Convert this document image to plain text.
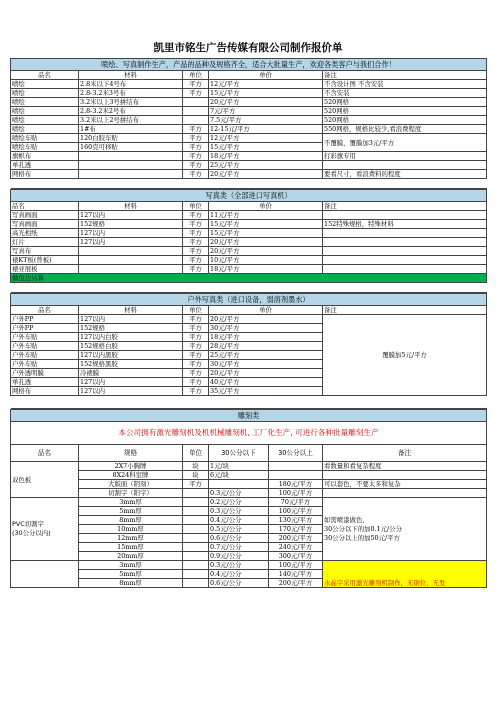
凯里市铭生广告传媒有限公司制作报价单
喷绘、写真制作生产，产品的品种及规格齐全，适合大批量生产，欢迎各类客户与我们合作！				
品名	材料	单位	单价	备注
喷绘	2.8米以下4号布	平方	12元/平方	不含设计图 不含安装
喷绘	2.8-3.2米3号布	平方	15元/平方	不含安装
喷绘	3.2米以上3号拼结布		20元/平方	520网格
喷绘	2.8-3.2米2号布		7元/平方	520网格
喷绘	3.2米以上2号拼结布		7.5元/平方	520网格
喷绘	1#布	平方	12-15元/平方	550网格，规格比较少,看浪费程度
喷绘车贴	120白胶车贴	平方	12元/平方	不覆膜，覆膜加3元/平方
喷绘车贴	160克可移贴	平方	15元/平方	
旗帜布		平方	18元/平方	打彩旗专用
单孔透		平方	25元/平方	
网格布		平方	20元/平方	要看尺寸，看浪费料的程度

写真类（全部进口写真机）				
品名	材料	单位	单价	备注
写真画面	127以内	平方	11元/平方	
写真画面	152规格	平方	15元/平方	152特殊规格，特殊材料
高光相纸	127以内	平方	15元/平方	
灯片	127以内	平方	20元/平方	
写真布		平方	20元/平方	
裱KT板(普板)		平方	10元/平方	
裱亚展板		平方	18元/平方	
做包边另算				

户外写真类（进口设备，弱溶剂墨水）				
品名	材料	单位	单价	备注
户外PP	127以内	平方	20元/平方	覆膜加5元/平方
户外PP	152规格	平方	30元/平方	
户外车贴	127以内白胶	平方	18元/平方	
户外车贴	152规格白胶	平方	28元/平方	
户外车贴	127以内黑胶	平方	25元/平方	
户外车贴	152规格黑胶	平方	30元/平方	
户外透明膜	冷裱膜	平方	20元/平方	
单孔透	127以内	平方	40元/平方	
网格布	127以内	平方	35元/平方	

雕刻类					
本公司拥有激光雕刻机及机机械雕刻机, 工厂化生产, 可进行各种批量雕刻生产					
品名	规格	单位	30公分以下	30公分以上	备注
双色板	2X7小胸牌	块	1元/块		看数量和看复杂程度
	8X24科室牌	块	6元/块		
	大版面（阴刻）	平方		180元/平方	可以套色，不要太多和复杂
	切割字（阳字）		0.3元/公分	100元/平方	
PVC切割字
(30公分以内)	3mm厚		0.2元/公分	70元/平方	如需喷漆做色,
30公分以下的加0.1元/公分
30公分以上的加50元/平方
	5mm厚		0.3元/公分	100元/平方	
	8mm厚		0.4元/公分	130元/平方	
	10mm厚		0.5元/公分	170元/平方	
	12mm厚		0.6元/公分	200元/平方	
	15mm厚		0.7元/公分	240元/平方	
	20mm厚		0.9元/公分	300元/平方	
	3mm厚		0.3元/公分	100元/平方	水晶字采用激光雕刻机制作，无锯位，无发
	5mm厚		0.4元/公分	140元/平方	
	8mm厚		0.6元/公分	200元/平方	
